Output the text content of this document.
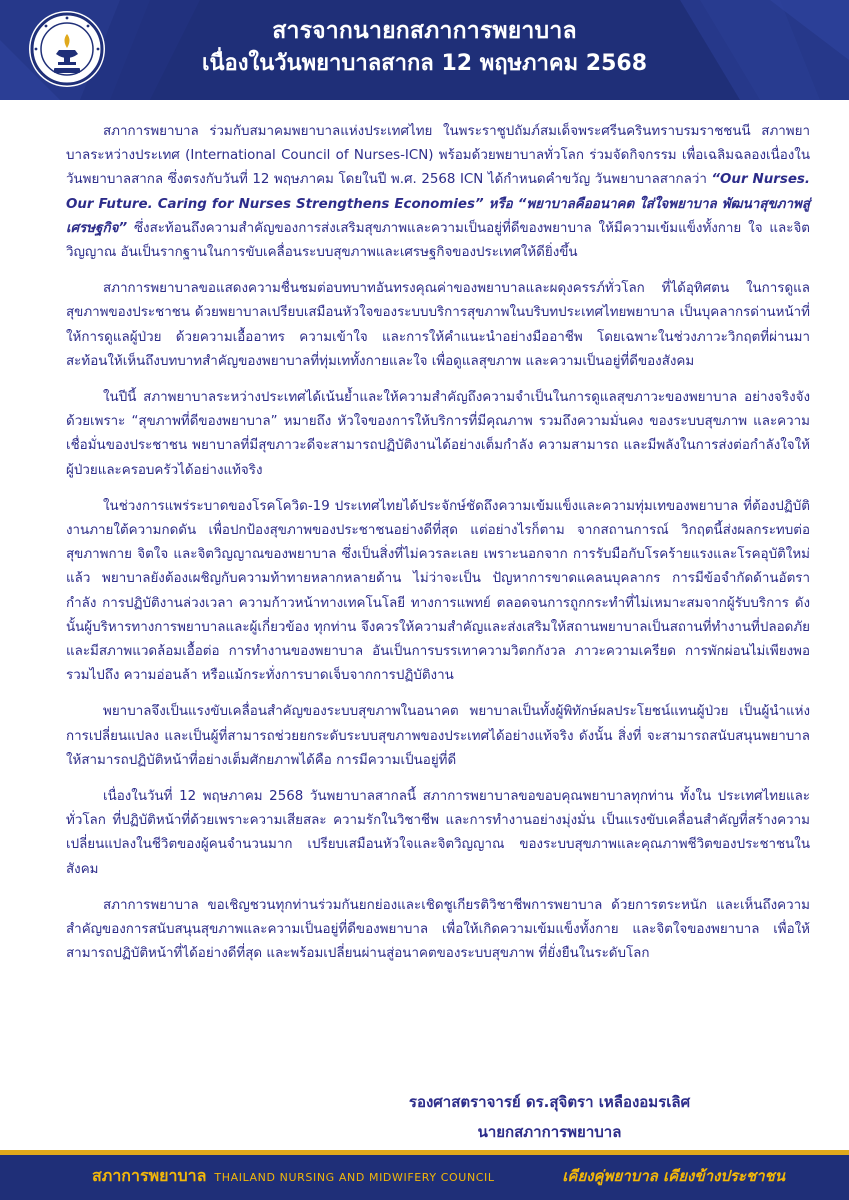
สารจากนายกสภาการพยาบาล
เนื่องในวันพยาบาลสากล 12 พฤษภาคม 2568

สภาการพยาบาล ร่วมกับสมาคมพยาบาลแห่งประเทศไทย ในพระราชูปถัมภ์สมเด็จพระศรีนครินทราบรมราชชนนี สภาพยาบาลระหว่างประเทศ (International Council of Nurses-ICN) พร้อมด้วยพยาบาลทั่วโลก ร่วมจัดกิจกรรม เพื่อเฉลิมฉลองเนื่องในวันพยาบาลสากล ซึ่งตรงกับวันที่ 12 พฤษภาคม โดยในปี พ.ศ. 2568 ICN ได้กำหนดคำขวัญ วันพยาบาลสากลว่า “Our Nurses. Our Future. Caring for Nurses Strengthens Economies” หรือ “พยาบาลคืออนาคต ใส่ใจพยาบาล พัฒนาสุขภาพสู่เศรษฐกิจ” ซึ่งสะท้อนถึงความสำคัญของการส่งเสริมสุขภาพและความเป็นอยู่ที่ดีของพยาบาล ให้มีความเข้มแข็งทั้งกาย ใจ และจิตวิญญาณ อันเป็นรากฐานในการขับเคลื่อนระบบสุขภาพและเศรษฐกิจของประเทศให้ดียิ่งขึ้น

สภาการพยาบาลขอแสดงความชื่นชมต่อบทบาทอันทรงคุณค่าของพยาบาลและผดุงครรภ์ทั่วโลก ที่ได้อุทิศตน ในการดูแลสุขภาพของประชาชน ด้วยพยาบาลเปรียบเสมือนหัวใจของระบบบริการสุขภาพในบริบทประเทศไทยพยาบาล เป็นบุคลากรด่านหน้าที่ให้การดูแลผู้ป่วย ด้วยความเอื้ออาทร ความเข้าใจ และการให้คำแนะนำอย่างมืออาชีพ โดยเฉพาะในช่วงภาวะวิกฤตที่ผ่านมาสะท้อนให้เห็นถึงบทบาทสำคัญของพยาบาลที่ทุ่มเททั้งกายและใจ เพื่อดูแลสุขภาพ และความเป็นอยู่ที่ดีของสังคม

ในปีนี้ สภาพยาบาลระหว่างประเทศได้เน้นย้ำและให้ความสำคัญถึงความจำเป็นในการดูแลสุขภาวะของพยาบาล อย่างจริงจังด้วยเพราะ “สุขภาพที่ดีของพยาบาล” หมายถึง หัวใจของการให้บริการที่มีคุณภาพ รวมถึงความมั่นคง ของระบบสุขภาพ และความเชื่อมั่นของประชาชน พยาบาลที่มีสุขภาวะดีจะสามารถปฏิบัติงานได้อย่างเต็มกำลัง ความสามารถ และมีพลังในการส่งต่อกำลังใจให้ผู้ป่วยและครอบครัวได้อย่างแท้จริง

ในช่วงการแพร่ระบาดของโรคโควิด-19 ประเทศไทยได้ประจักษ์ชัดถึงความเข้มแข็งและความทุ่มเทของพยาบาล ที่ต้องปฏิบัติงานภายใต้ความกดดัน เพื่อปกป้องสุขภาพของประชาชนอย่างดีที่สุด แต่อย่างไรก็ตาม จากสถานการณ์ วิกฤตนี้ส่งผลกระทบต่อสุขภาพกาย จิตใจ และจิตวิญญาณของพยาบาล ซึ่งเป็นสิ่งที่ไม่ควรละเลย เพราะนอกจาก การรับมือกับโรคร้ายแรงและโรคอุบัติใหม่แล้ว พยาบาลยังต้องเผชิญกับความท้าทายหลากหลายด้าน ไม่ว่าจะเป็น ปัญหาการขาดแคลนบุคลากร การมีข้อจำกัดด้านอัตรากำลัง การปฏิบัติงานล่วงเวลา ความก้าวหน้าทางเทคโนโลยี ทางการแพทย์ ตลอดจนการถูกกระทำที่ไม่เหมาะสมจากผู้รับบริการ ดังนั้นผู้บริหารทางการพยาบาลและผู้เกี่ยวข้อง ทุกท่าน จึงควรให้ความสำคัญและส่งเสริมให้สถานพยาบาลเป็นสถานที่ทำงานที่ปลอดภัยและมีสภาพแวดล้อมเอื้อต่อ การทำงานของพยาบาล อันเป็นการบรรเทาความวิตกกังวล ภาวะความเครียด การพักผ่อนไม่เพียงพอ รวมไปถึง ความอ่อนล้า หรือแม้กระทั่งการบาดเจ็บจากการปฏิบัติงาน

พยาบาลจึงเป็นแรงขับเคลื่อนสำคัญของระบบสุขภาพในอนาคต พยาบาลเป็นทั้งผู้พิทักษ์ผลประโยชน์แทนผู้ป่วย เป็นผู้นำแห่งการเปลี่ยนแปลง และเป็นผู้ที่สามารถช่วยยกระดับระบบสุขภาพของประเทศได้อย่างแท้จริง ดังนั้น สิ่งที่ จะสามารถสนับสนุนพยาบาลให้สามารถปฏิบัติหน้าที่อย่างเต็มศักยภาพได้คือ การมีความเป็นอยู่ที่ดี

เนื่องในวันที่ 12 พฤษภาคม 2568 วันพยาบาลสากลนี้ สภาการพยาบาลขอขอบคุณพยาบาลทุกท่าน ทั้งใน ประเทศไทยและทั่วโลก ที่ปฏิบัติหน้าที่ด้วยเพราะความเสียสละ ความรักในวิชาชีพ และการทำงานอย่างมุ่งมั่น เป็นแรงขับเคลื่อนสำคัญที่สร้างความเปลี่ยนแปลงในชีวิตของผู้คนจำนวนมาก เปรียบเสมือนหัวใจและจิตวิญญาณ ของระบบสุขภาพและคุณภาพชีวิตของประชาชนในสังคม

สภาการพยาบาล ขอเชิญชวนทุกท่านร่วมกันยกย่องและเชิดชูเกียรติวิชาชีพการพยาบาล ด้วยการตระหนัก และเห็นถึงความสำคัญของการสนับสนุนสุขภาพและความเป็นอยู่ที่ดีของพยาบาล เพื่อให้เกิดความเข้มแข็งทั้งกาย และจิตใจของพยาบาล เพื่อให้สามารถปฏิบัติหน้าที่ได้อย่างดีที่สุด และพร้อมเปลี่ยนผ่านสู่อนาคตของระบบสุขภาพ ที่ยั่งยืนในระดับโลก

รองศาสตราจารย์ ดร.สุจิตรา เหลืองอมรเลิศ
นายกสภาการพยาบาล
สภาการพยาบาล THAILAND NURSING AND MIDWIFERY COUNCIL	เคียงคู่พยาบาล เคียงข้างประชาชน
